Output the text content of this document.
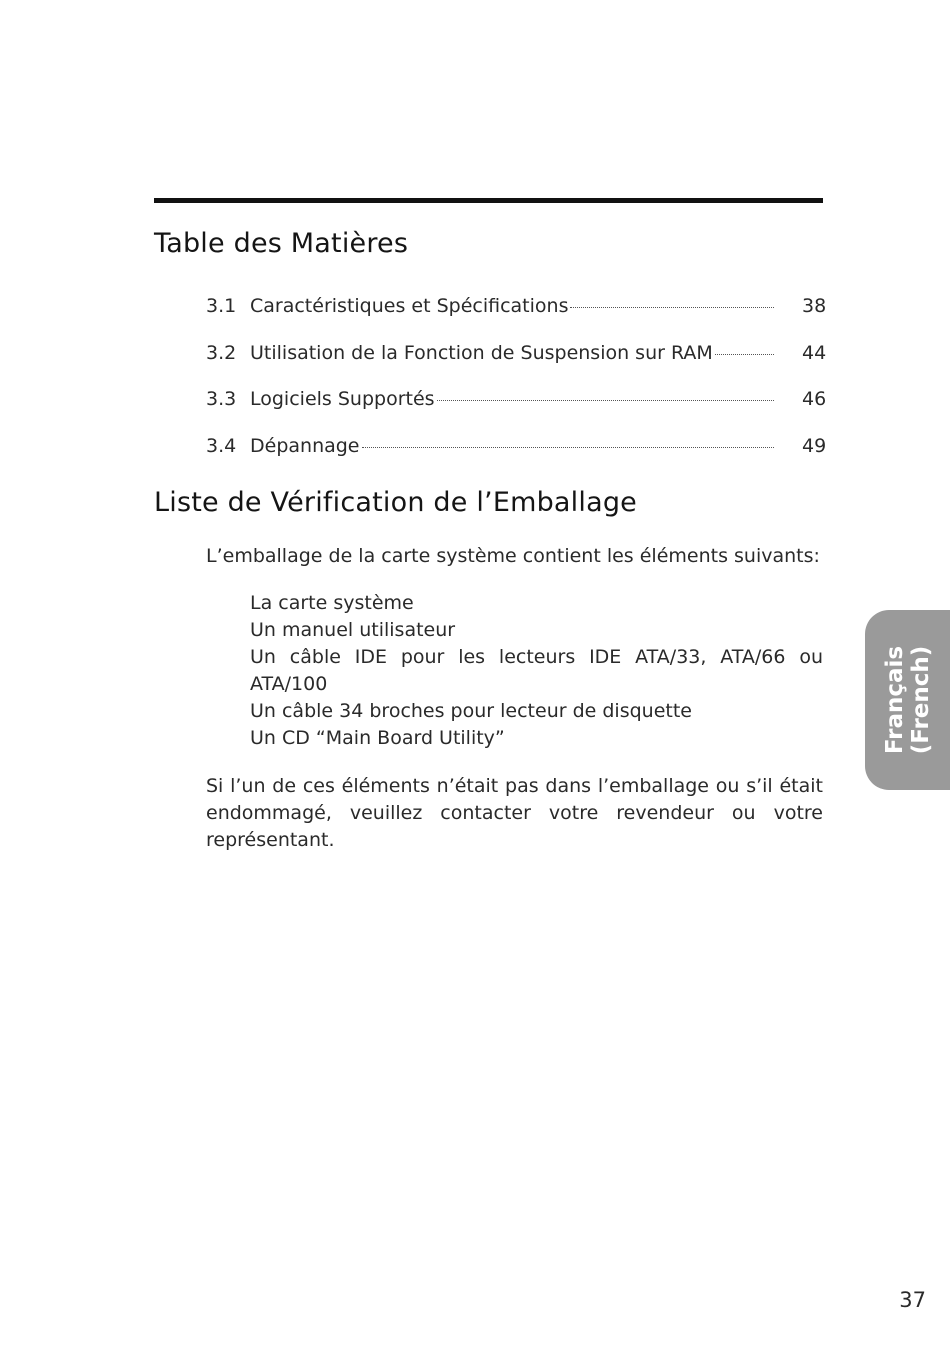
Table des Matières
3.1 Caractéristiques et Spécifications	38
3.2 Utilisation de la Fonction de Suspension sur RAM	44
3.3 Logiciels Supportés	46
3.4 Dépannage	49
Liste de Vérification de l’Emballage

L’emballage de la carte système contient les éléments suivants:

La carte système
Un manuel utilisateur
Un câble IDE pour les lecteurs IDE ATA/33, ATA/66 ou ATA/100
Un câble 34 broches pour lecteur de disquette
Un CD “Main Board Utility”

Si l’un de ces éléments n’était pas dans l’emballage ou s’il était endommagé, veuillez contacter votre revendeur ou votre représentant.

Français (French)
37
